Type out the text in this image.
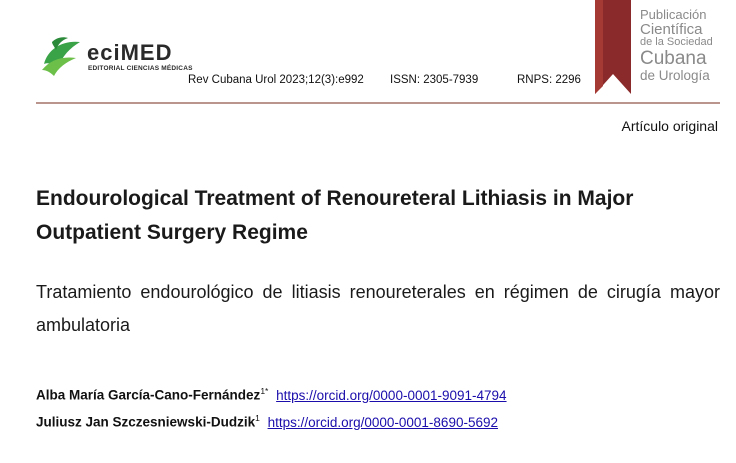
eciMED
EDITORIAL CIENCIAS MÉDICAS
Rev Cubana Urol 2023;12(3):e992 ISSN: 2305-7939	RNPS: 2296
Publicación
Científica
de la Sociedad
Cubana
de Urología
Artículo original
Endourological Treatment of Renoureteral Lithiasis in Major Outpatient Surgery Regime
Tratamiento endourológico de litiasis renoureterales en régimen de cirugía mayor ambulatoria
Alba María García-Cano-Fernández$^{1*}$ https://orcid.org/0000-0001-9091-4794
Juliusz Jan Szczesniewski-Dudzik$^1$ https://orcid.org/0000-0001-8690-5692
